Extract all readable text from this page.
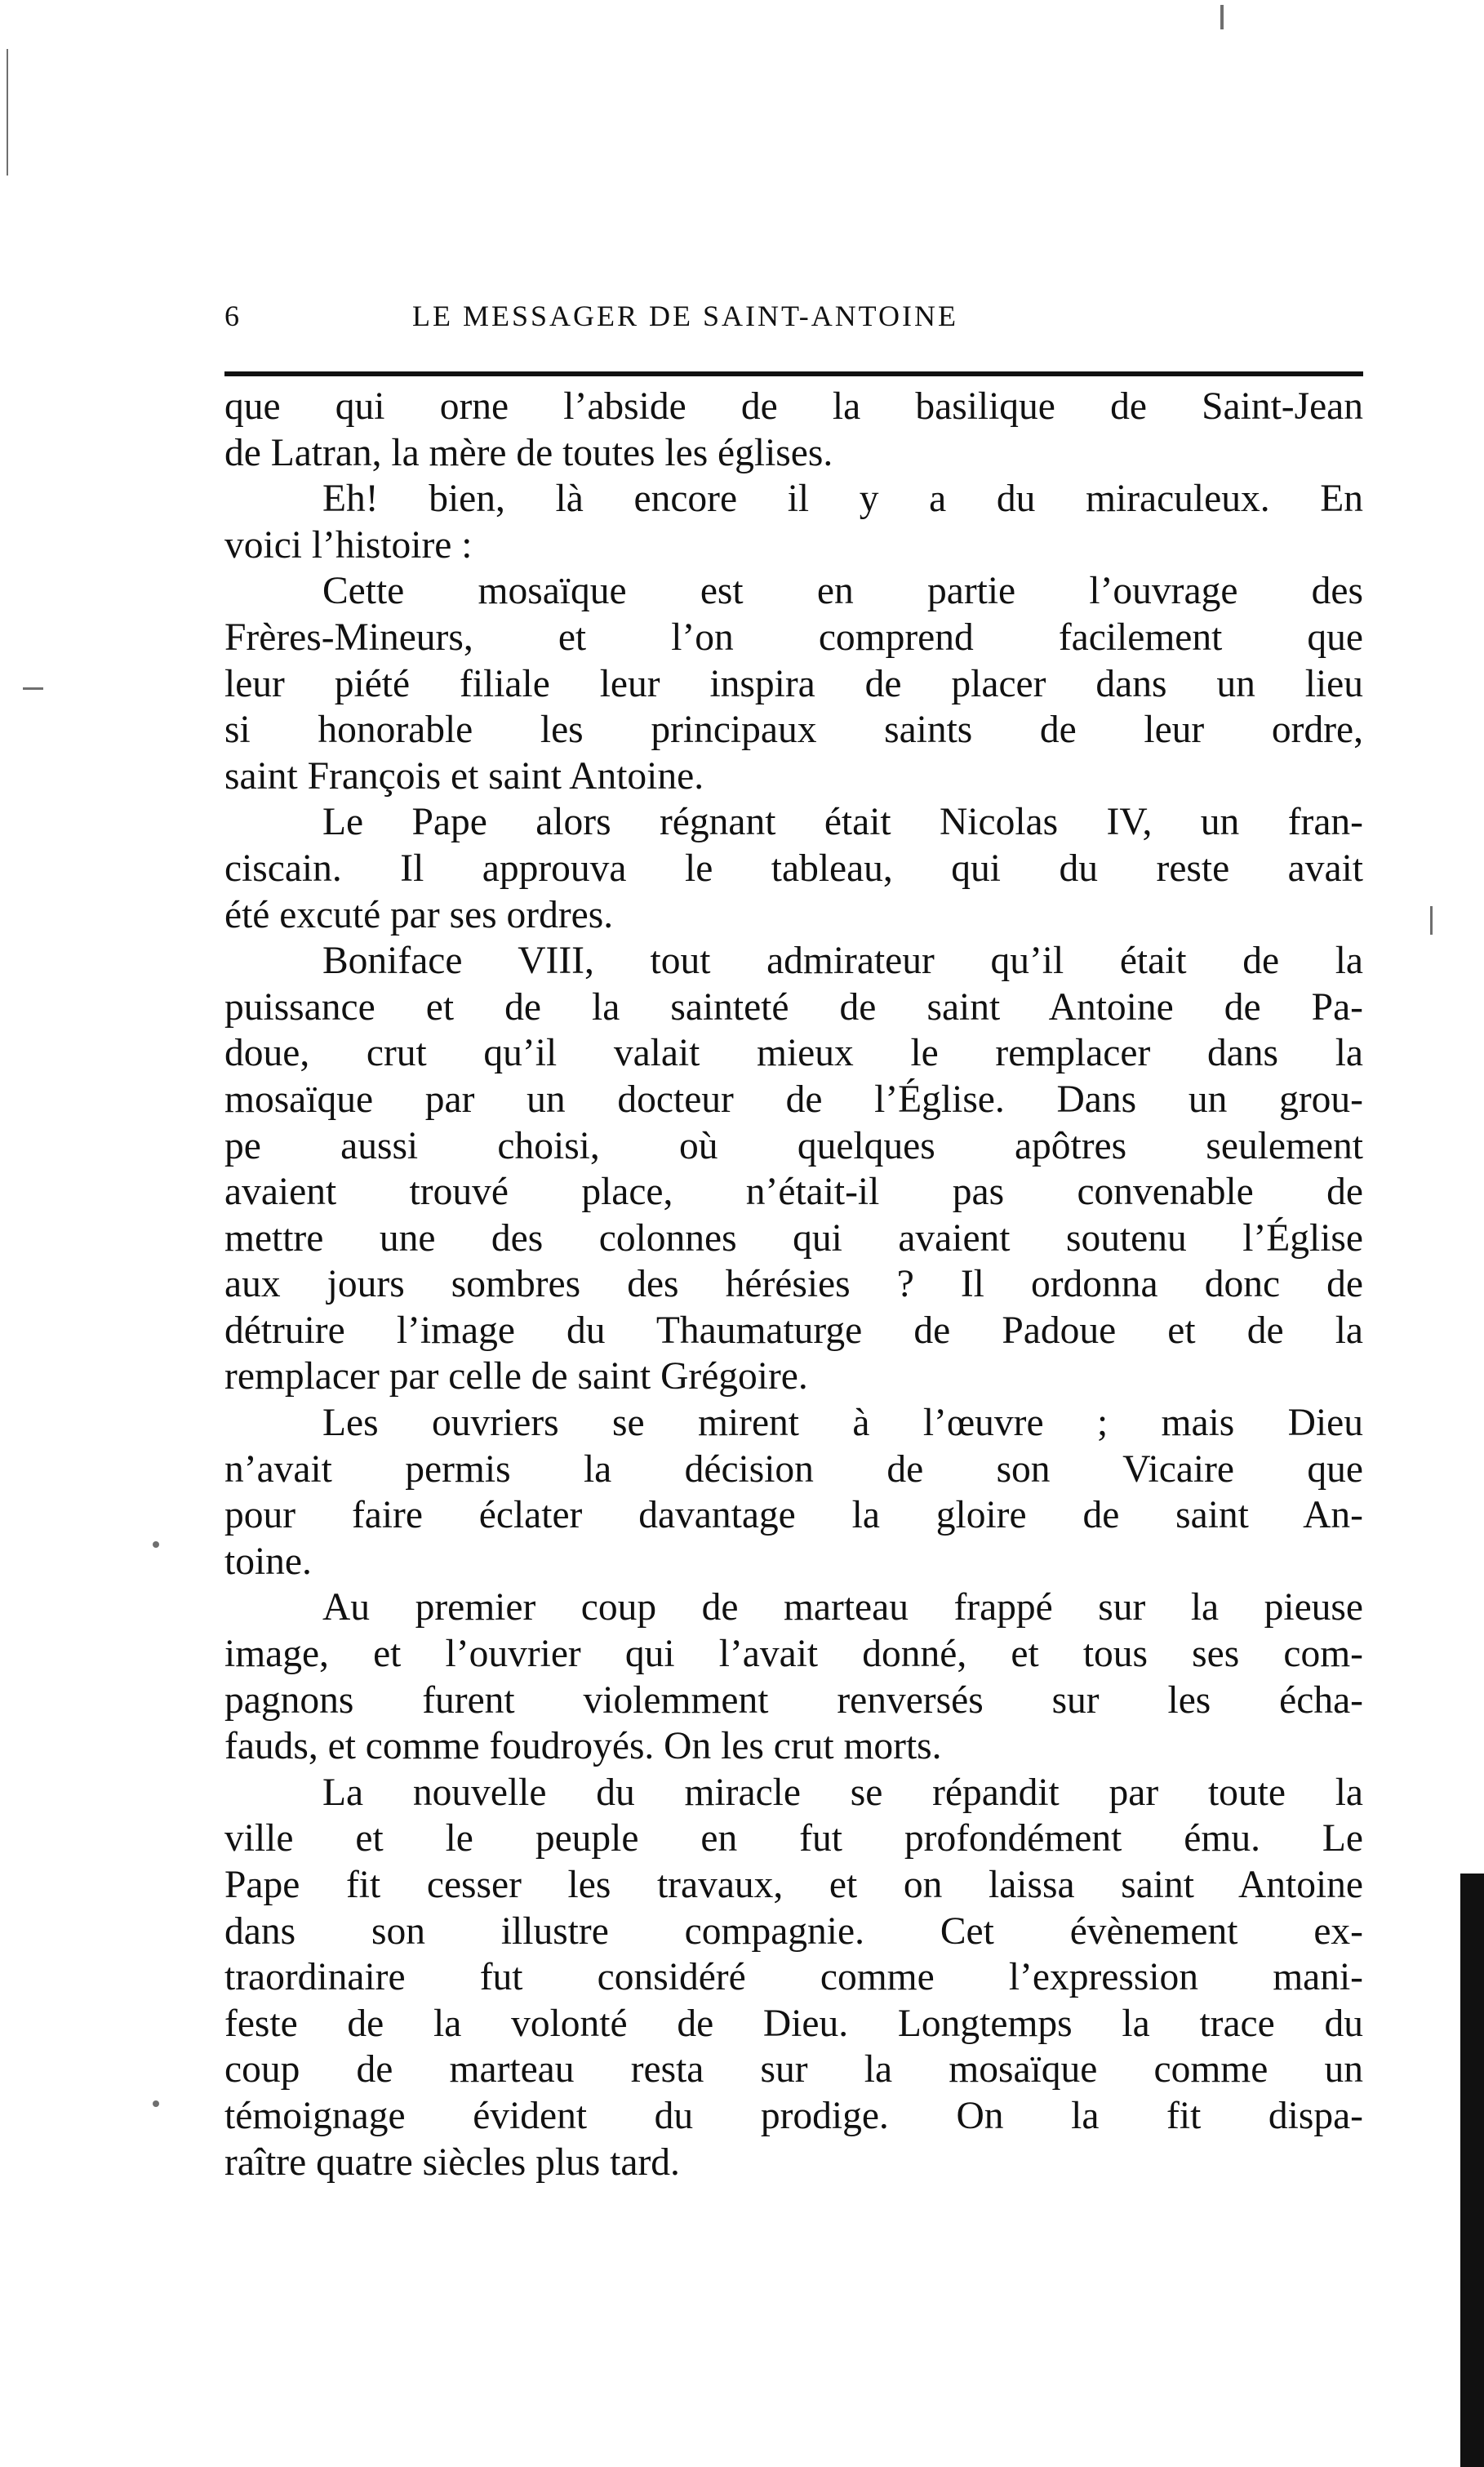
6	LE MESSAGER DE SAINT-ANTOINE
que qui orne l’abside de la basilique de Saint-Jean
de Latran, la mère de toutes les églises.
Eh! bien, là encore il y a du miraculeux. En
voici l’histoire :
Cette mosaïque est en partie l’ouvrage des
Frères-Mineurs, et l’on comprend facilement que
leur piété filiale leur inspira de placer dans un lieu
si honorable les principaux saints de leur ordre,
saint François et saint Antoine.
Le Pape alors régnant était Nicolas IV, un fran-
ciscain. Il approuva le tableau, qui du reste avait
été excuté par ses ordres.
Boniface VIII, tout admirateur qu’il était de la
puissance et de la sainteté de saint Antoine de Pa-
doue, crut qu’il valait mieux le remplacer dans la
mosaïque par un docteur de l’Église. Dans un grou-
pe aussi choisi, où quelques apôtres seulement
avaient trouvé place, n’était-il pas convenable de
mettre une des colonnes qui avaient soutenu l’Église
aux jours sombres des hérésies ? Il ordonna donc de
détruire l’image du Thaumaturge de Padoue et de la
remplacer par celle de saint Grégoire.
Les ouvriers se mirent à l’œuvre ; mais Dieu
n’avait permis la décision de son Vicaire que
pour faire éclater davantage la gloire de saint An-
toine.
Au premier coup de marteau frappé sur la pieuse
image, et l’ouvrier qui l’avait donné, et tous ses com-
pagnons furent violemment renversés sur les écha-
fauds, et comme foudroyés. On les crut morts.
La nouvelle du miracle se répandit par toute la
ville et le peuple en fut profondément ému. Le
Pape fit cesser les travaux, et on laissa saint Antoine
dans son illustre compagnie. Cet évènement ex-
traordinaire fut considéré comme l’expression mani-
feste de la volonté de Dieu. Longtemps la trace du
coup de marteau resta sur la mosaïque comme un
témoignage évident du prodige. On la fit dispa-
raître quatre siècles plus tard.
